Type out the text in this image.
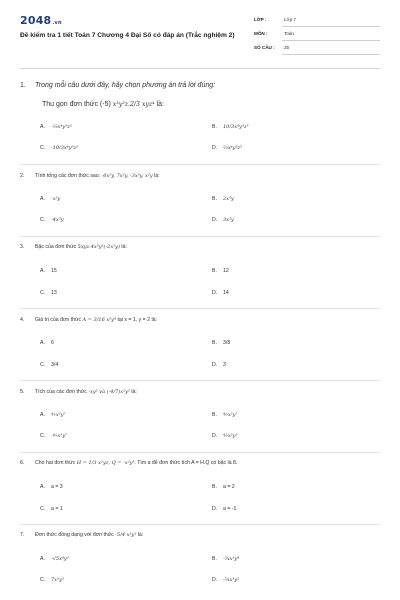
2048.vn
Đề kiểm tra 1 tiết Toán 7 Chương 4 Đại Số có đáp án (Trắc nghiệm 2)
LỚP :	Lớp 7
MÔN :	Toán
SỐ CÂU : 25
1. Trong mỗi câu dưới đây, hãy chọn phương án trả lời đúng:
Thu gọn đơn thức (-5) x³y²z.2/3 xyz⁴ là:
A. -⅔x⁴y³z⁵	B. 10/3x⁴y³z⁵
C. -10/3x⁴y³z⁵	D. ⅔x⁴y³z⁵
2. Tính tổng các đơn thức sau: -6x⁵y, 7x⁵y, -3x⁵y, x⁵y là:
A. -x⁵y	B. 2x⁵y
C. -4x⁵y	D. 3x⁵y
3. Bậc của đơn thức 5xyz.4x³y²(-2x²y) là:
A. 15	B. 12
C. 13	D. 14
4. Giá trị của đơn thức A = 3/16 x⁵y⁴ tại x = 1, y = 2 là:
A. 6	B. 3/8
C. 3/4	D. 3
5. Tích của các đơn thức -xy² và (-4/7)x²y⁵ là:
A. ⁴⁄₇x³y⁷	B. ⁴⁄₇x²y⁷
C. -⁴⁄₇x³y⁷	D. ⁴⁄₇x³y⁵
6. Cho hai đơn thức H = 1/3 x²yz, Q = -x²y³. Tìm a để đơn thức tích A = H.Q có bậc là 8.
A. a = 3	B. a = 2
C. a = 1	D. a = -1
7. Đơn thức đồng dạng với đơn thức -5/4 x³y² là:
A. -√5x⁴y³	B. -⁵⁄₄x³y⁴
C. 7x³y³	D. -⁵⁄₄x³y²
